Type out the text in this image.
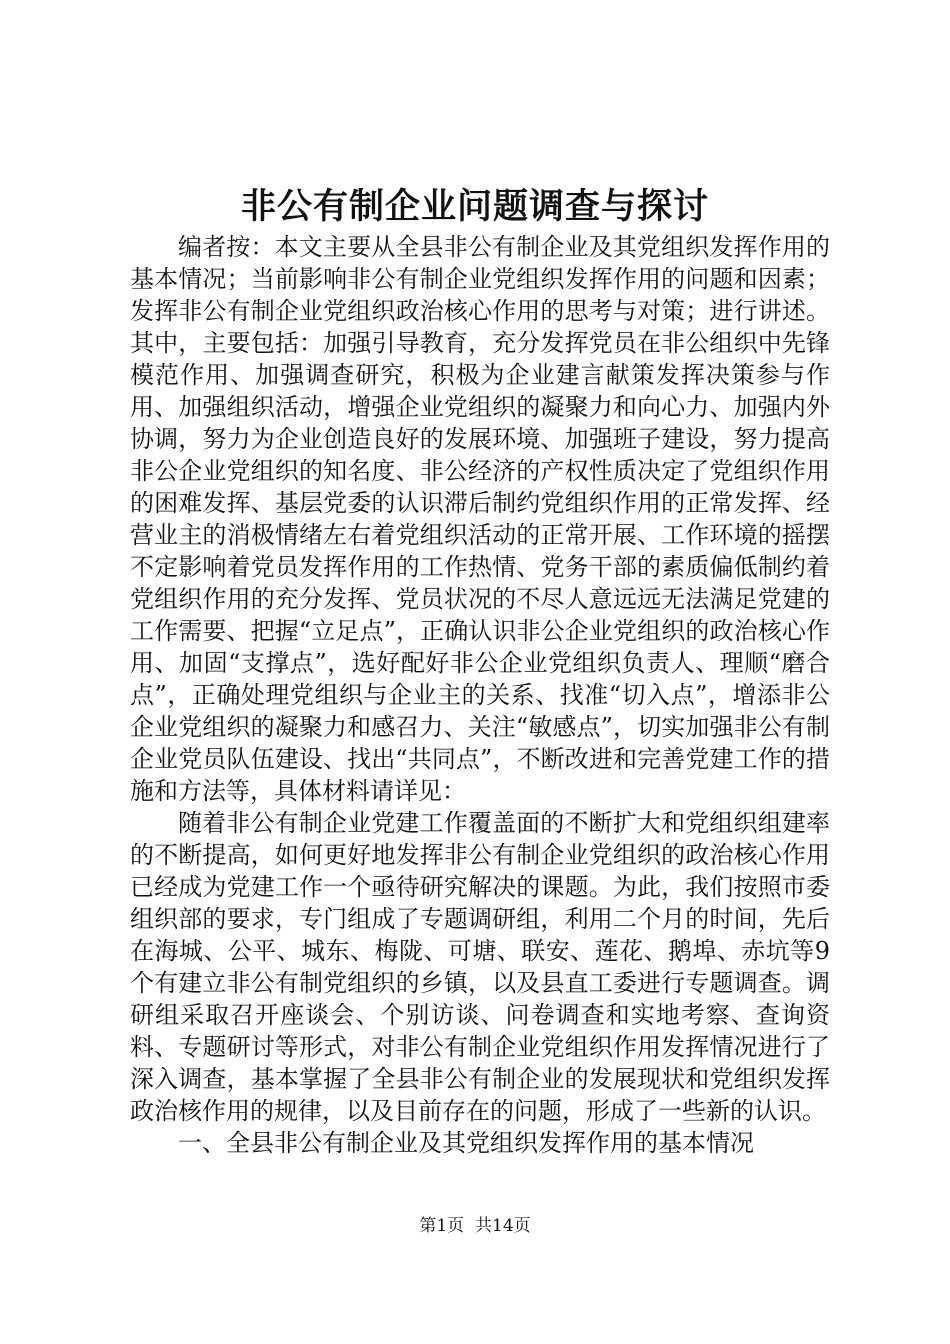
非公有制企业问题调查与探讨

编者按：本文主要从全县非公有制企业及其党组织发挥作用的基本情况；当前影响非公有制企业党组织发挥作用的问题和因素；发挥非公有制企业党组织政治核心作用的思考与对策；进行讲述。其中，主要包括：加强引导教育，充分发挥党员在非公组织中先锋模范作用、加强调查研究，积极为企业建言献策发挥决策参与作用、加强组织活动，增强企业党组织的凝聚力和向心力、加强内外协调，努力为企业创造良好的发展环境、加强班子建设，努力提高非公企业党组织的知名度、非公经济的产权性质决定了党组织作用的困难发挥、基层党委的认识滞后制约党组织作用的正常发挥、经营业主的消极情绪左右着党组织活动的正常开展、工作环境的摇摆不定影响着党员发挥作用的工作热情、党务干部的素质偏低制约着党组织作用的充分发挥、党员状况的不尽人意远远无法满足党建的工作需要、把握“立足点”，正确认识非公企业党组织的政治核心作用、加固“支撑点”，选好配好非公企业党组织负责人、理顺“磨合点”，正确处理党组织与企业主的关系、找准“切入点”，增添非公企业党组织的凝聚力和感召力、关注“敏感点”，切实加强非公有制企业党员队伍建设、找出“共同点”，不断改进和完善党建工作的措施和方法等，具体材料请详见：

随着非公有制企业党建工作覆盖面的不断扩大和党组织组建率的不断提高，如何更好地发挥非公有制企业党组织的政治核心作用已经成为党建工作一个亟待研究解决的课题。为此，我们按照市委组织部的要求，专门组成了专题调研组，利用二个月的时间，先后在海城、公平、城东、梅陇、可塘、联安、莲花、鹅埠、赤坑等9个有建立非公有制党组织的乡镇，以及县直工委进行专题调查。调研组采取召开座谈会、个别访谈、问卷调查和实地考察、查询资料、专题研讨等形式，对非公有制企业党组织作用发挥情况进行了深入调查，基本掌握了全县非公有制企业的发展现状和党组织发挥政治核作用的规律，以及目前存在的问题，形成了一些新的认识。

一、全县非公有制企业及其党组织发挥作用的基本情况

第1页 共14页
